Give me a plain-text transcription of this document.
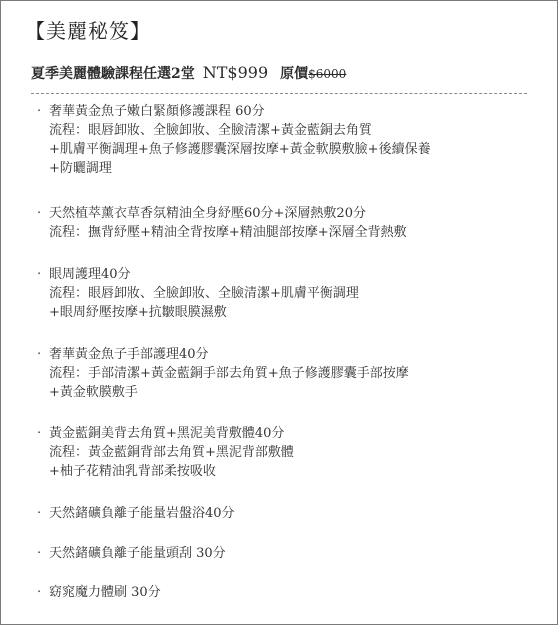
【美麗秘笈】
夏季美麗體驗課程任選2堂 NT$999 原價$6000
‧ 奢華黃金魚子嫩白緊顏修護課程 60分
流程：眼唇卸妝、全臉卸妝、全臉清潔+黃金藍銅去角質
+肌膚平衡調理+魚子修護膠囊深層按摩+黃金軟膜敷臉+後續保養
+防曬調理
‧ 天然植萃薰衣草香氛精油全身紓壓60分+深層熱敷20分
流程：撫背紓壓+精油全背按摩+精油腿部按摩+深層全背熱敷
‧ 眼周護理40分
流程：眼唇卸妝、全臉卸妝、全臉清潔+肌膚平衡調理
+眼周紓壓按摩+抗皺眼膜濕敷
‧ 奢華黃金魚子手部護理40分
流程：手部清潔+黃金藍銅手部去角質+魚子修護膠囊手部按摩
+黃金軟膜敷手
‧ 黃金藍銅美背去角質+黑泥美背敷體40分
流程：黃金藍銅背部去角質+黑泥背部敷體
+柚子花精油乳背部柔按吸收
‧ 天然鍺礦負離子能量岩盤浴40分
‧ 天然鍺礦負離子能量頭刮 30分
‧ 窈窕魔力體刷 30分
